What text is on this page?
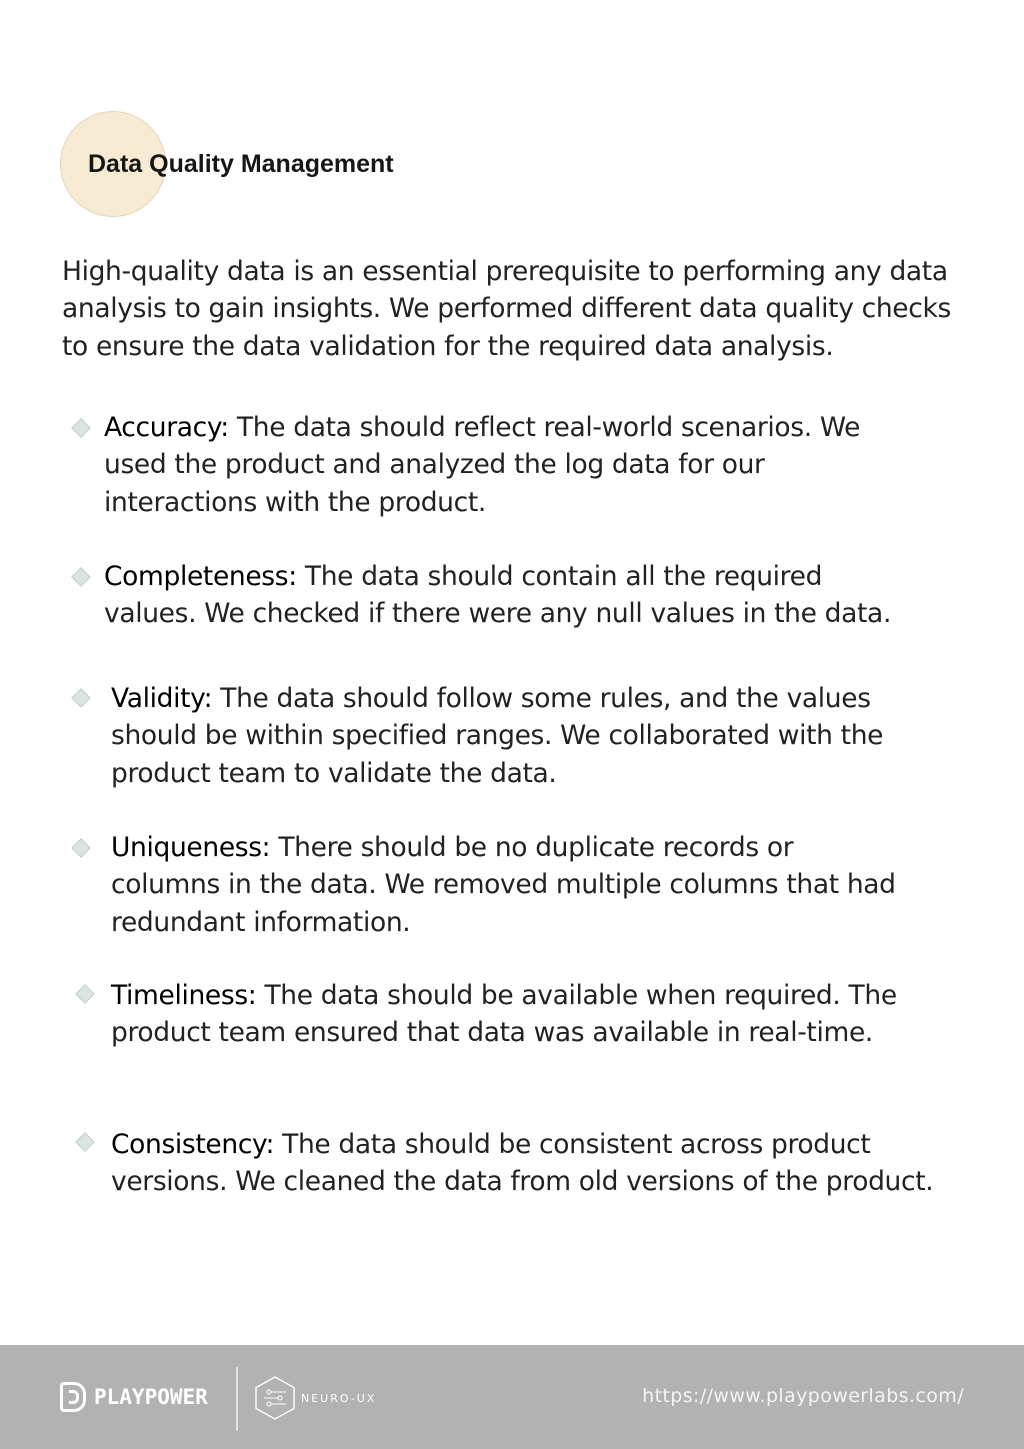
Data Quality Management

High-quality data is an essential prerequisite to performing any data analysis to gain insights. We performed different data quality checks to ensure the data validation for the required data analysis.

Accuracy: The data should reflect real-world scenarios. We used the product and analyzed the log data for our interactions with the product.

Completeness: The data should contain all the required values. We checked if there were any null values in the data.

Validity: The data should follow some rules, and the values should be within specified ranges. We collaborated with the product team to validate the data.

Uniqueness: There should be no duplicate records or columns in the data. We removed multiple columns that had redundant information.

Timeliness: The data should be available when required. The product team ensured that data was available in real-time.

Consistency: The data should be consistent across product versions. We cleaned the data from old versions of the product.

PLAYPOWER	NEURO-UX	https://www.playpowerlabs.com/
